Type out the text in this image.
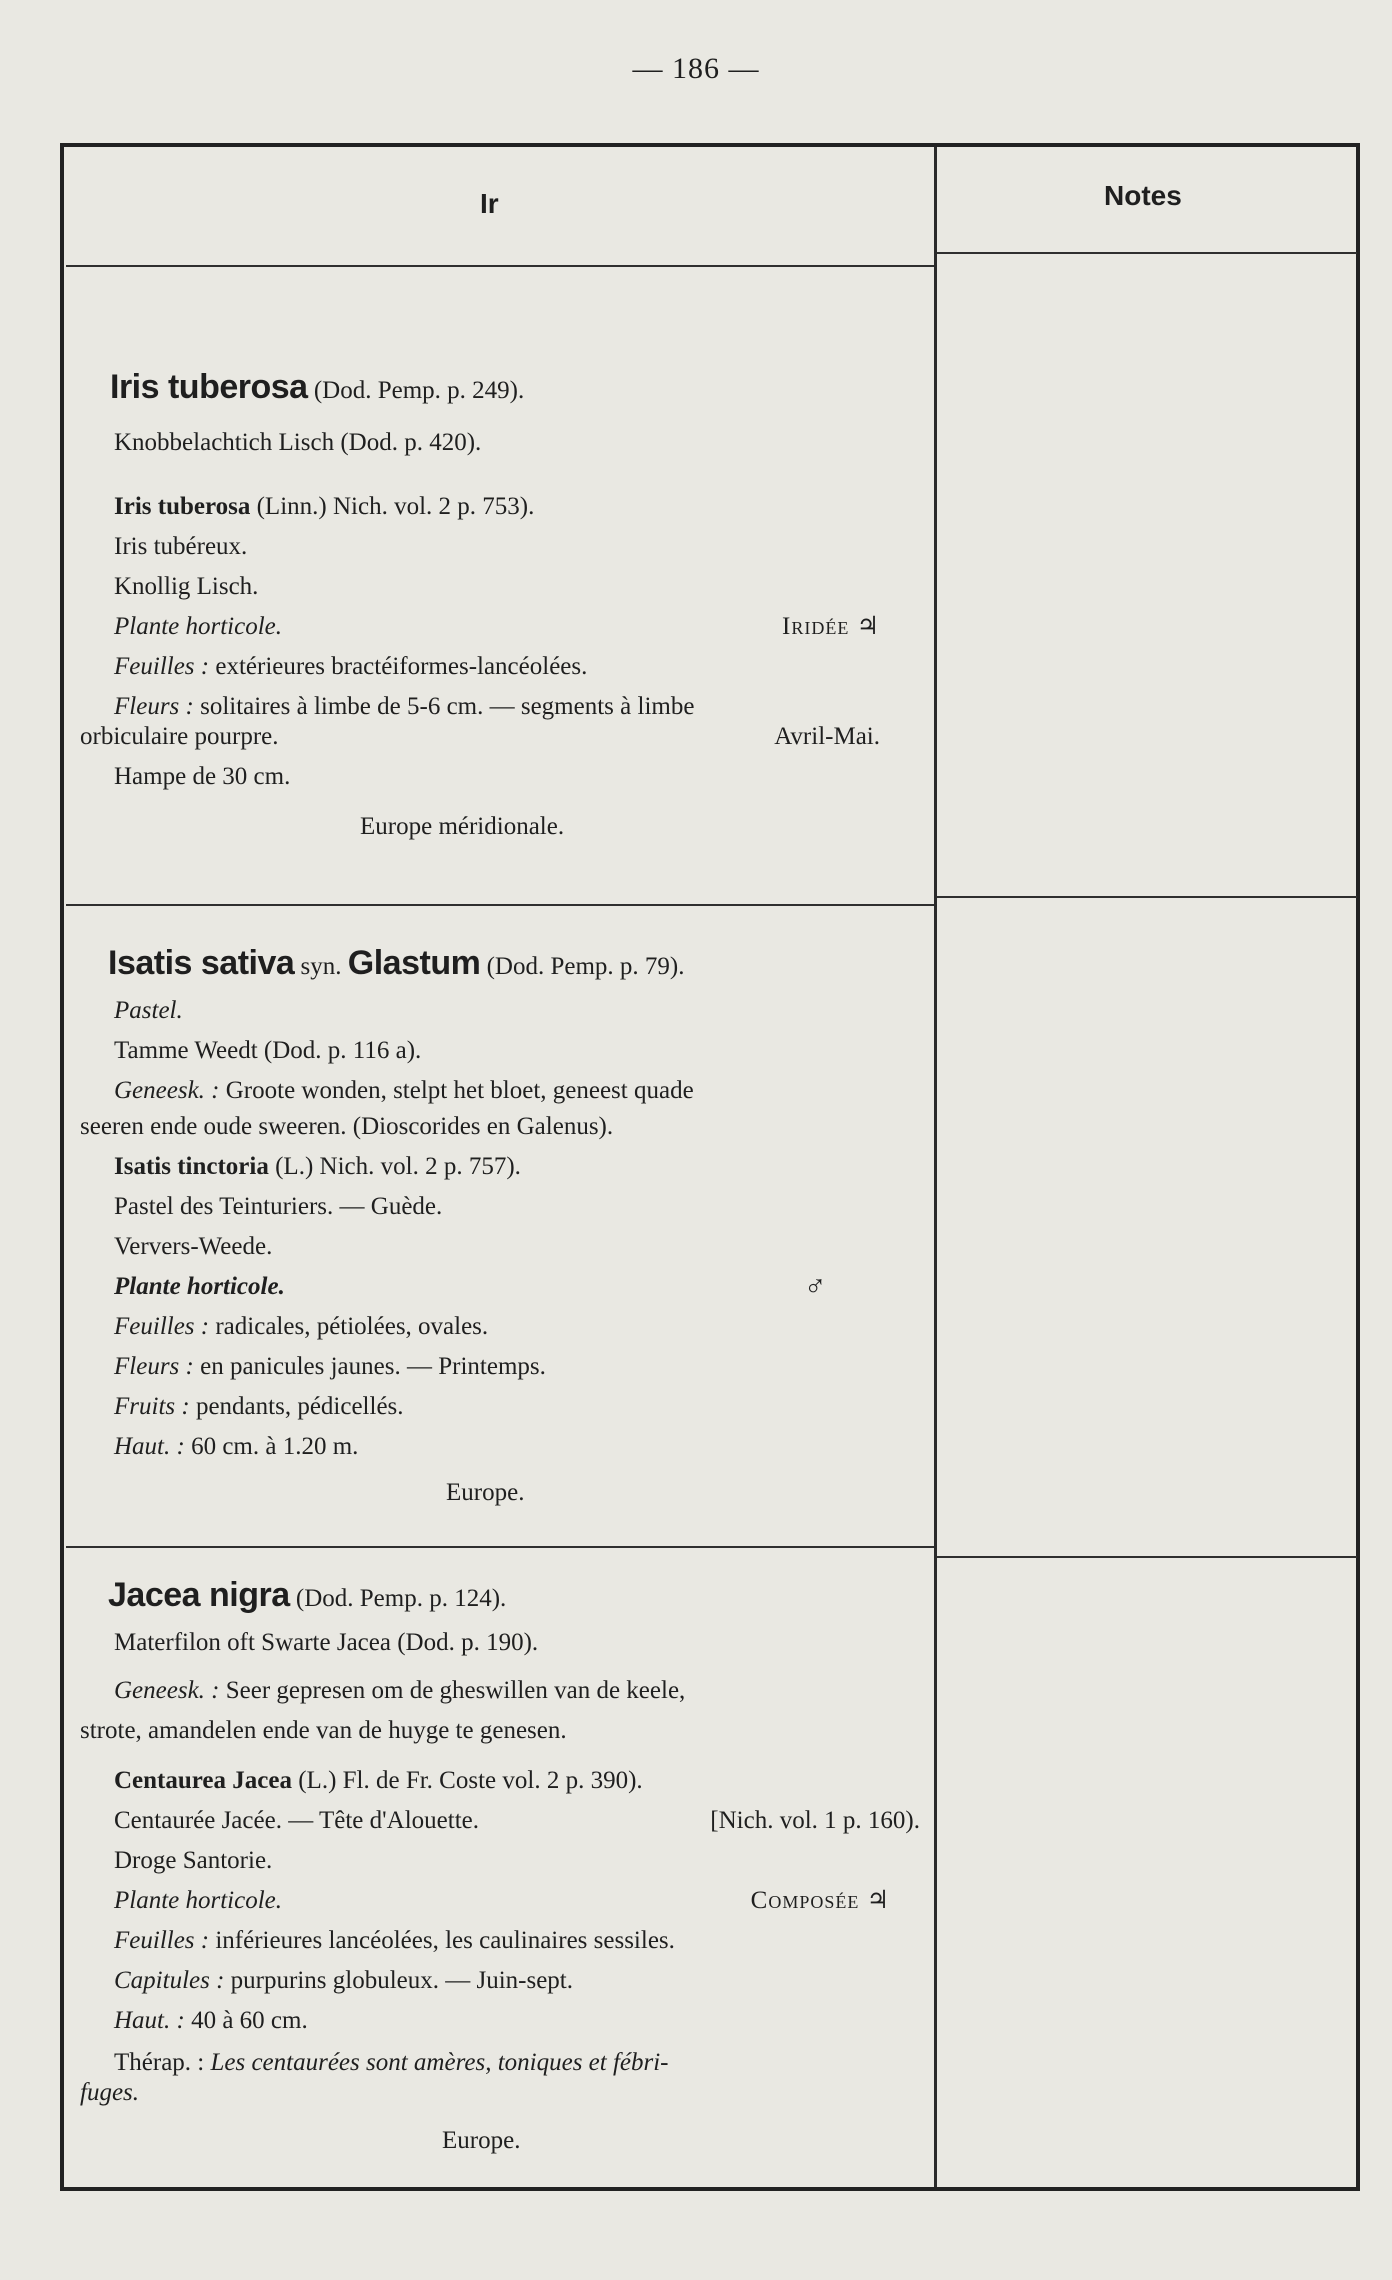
— 186 —
Ir	Notes
Iris tuberosa (Dod. Pemp. p. 249).
Knobbelachtich Lisch (Dod. p. 420).
Iris tuberosa (Linn.) Nich. vol. 2 p. 753).
Iris tubéreux.
Knollig Lisch.
Plante horticole.	Iridée ♃
Feuilles : extérieures bractéiformes-lancéolées.
Fleurs : solitaires à limbe de 5-6 cm. — segments à limbe
orbiculaire pourpre.	Avril-Mai.
Hampe de 30 cm.
Europe méridionale.
Isatis sativa syn. Glastum (Dod. Pemp. p. 79).
Pastel.
Tamme Weedt (Dod. p. 116 a).
Geneesk. : Groote wonden, stelpt het bloet, geneest quade
seeren ende oude sweeren. (Dioscorides en Galenus).
Isatis tinctoria (L.) Nich. vol. 2 p. 757).
Pastel des Teinturiers. — Guède.
Ververs-Weede.
Plante horticole.	♂
Feuilles : radicales, pétiolées, ovales.
Fleurs : en panicules jaunes. — Printemps.
Fruits : pendants, pédicellés.
Haut. : 60 cm. à 1.20 m.
Europe.
Jacea nigra (Dod. Pemp. p. 124).
Materfilon oft Swarte Jacea (Dod. p. 190).
Geneesk. : Seer gepresen om de gheswillen van de keele,
strote, amandelen ende van de huyge te genesen.
Centaurea Jacea (L.) Fl. de Fr. Coste vol. 2 p. 390).
Centaurée Jacée. — Tête d'Alouette.	[Nich. vol. 1 p. 160).
Droge Santorie.
Plante horticole.	Composée ♃
Feuilles : inférieures lancéolées, les caulinaires sessiles.
Capitules : purpurins globuleux. — Juin-sept.
Haut. : 40 à 60 cm.
Thérap. : Les centaurées sont amères, toniques et fébri-
fuges.
Europe.
